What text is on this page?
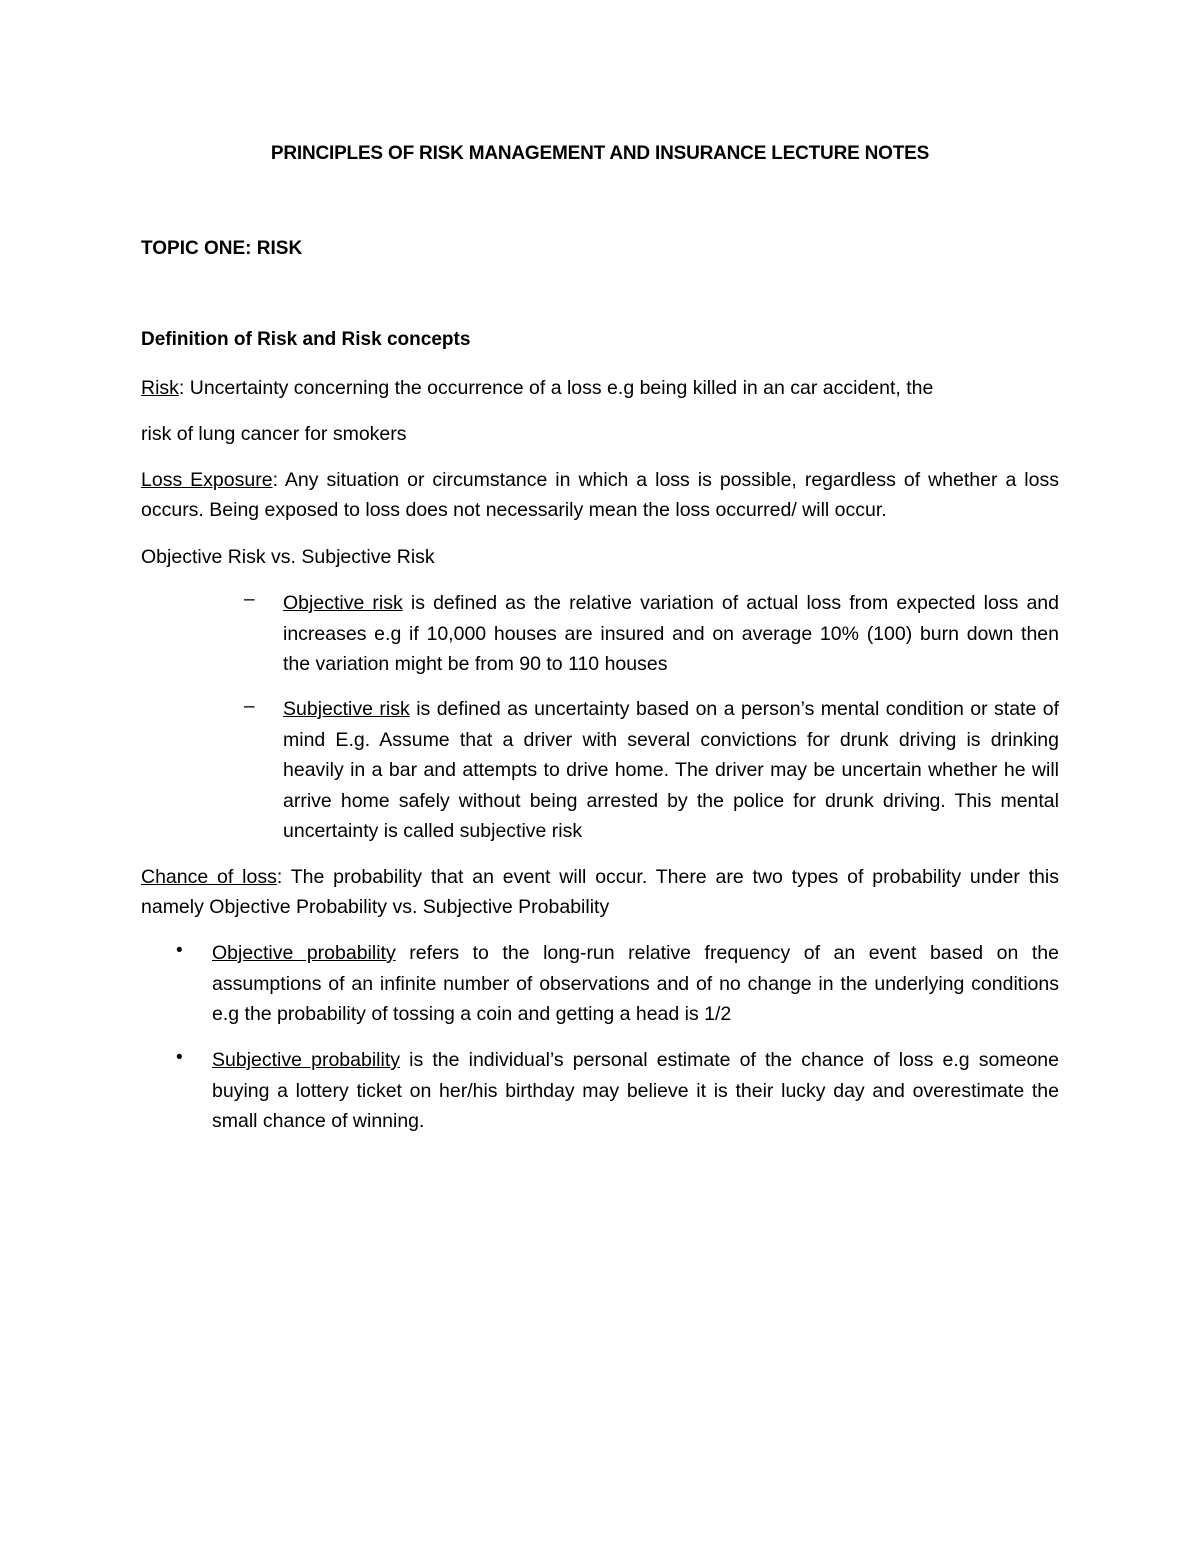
PRINCIPLES OF RISK MANAGEMENT AND INSURANCE LECTURE NOTES
TOPIC ONE: RISK
Definition of Risk and Risk concepts
Risk: Uncertainty concerning the occurrence of a loss e.g being killed in an car accident, the
risk of lung cancer for smokers
Loss Exposure: Any situation or circumstance in which a loss is possible, regardless of whether a loss occurs. Being exposed to loss does not necessarily mean the loss occurred/ will occur.
Objective Risk vs. Subjective Risk
– Objective risk is defined as the relative variation of actual loss from expected loss and increases e.g if 10,000 houses are insured and on average 10% (100) burn down then the variation might be from 90 to 110 houses
– Subjective risk is defined as uncertainty based on a person’s mental condition or state of mind E.g. Assume that a driver with several convictions for drunk driving is drinking heavily in a bar and attempts to drive home. The driver may be uncertain whether he will arrive home safely without being arrested by the police for drunk driving. This mental uncertainty is called subjective risk
Chance of loss: The probability that an event will occur. There are two types of probability under this namely Objective Probability vs. Subjective Probability
• Objective probability refers to the long-run relative frequency of an event based on the assumptions of an infinite number of observations and of no change in the underlying conditions e.g the probability of tossing a coin and getting a head is 1/2
• Subjective probability is the individual’s personal estimate of the chance of loss e.g someone buying a lottery ticket on her/his birthday may believe it is their lucky day and overestimate the small chance of winning.
